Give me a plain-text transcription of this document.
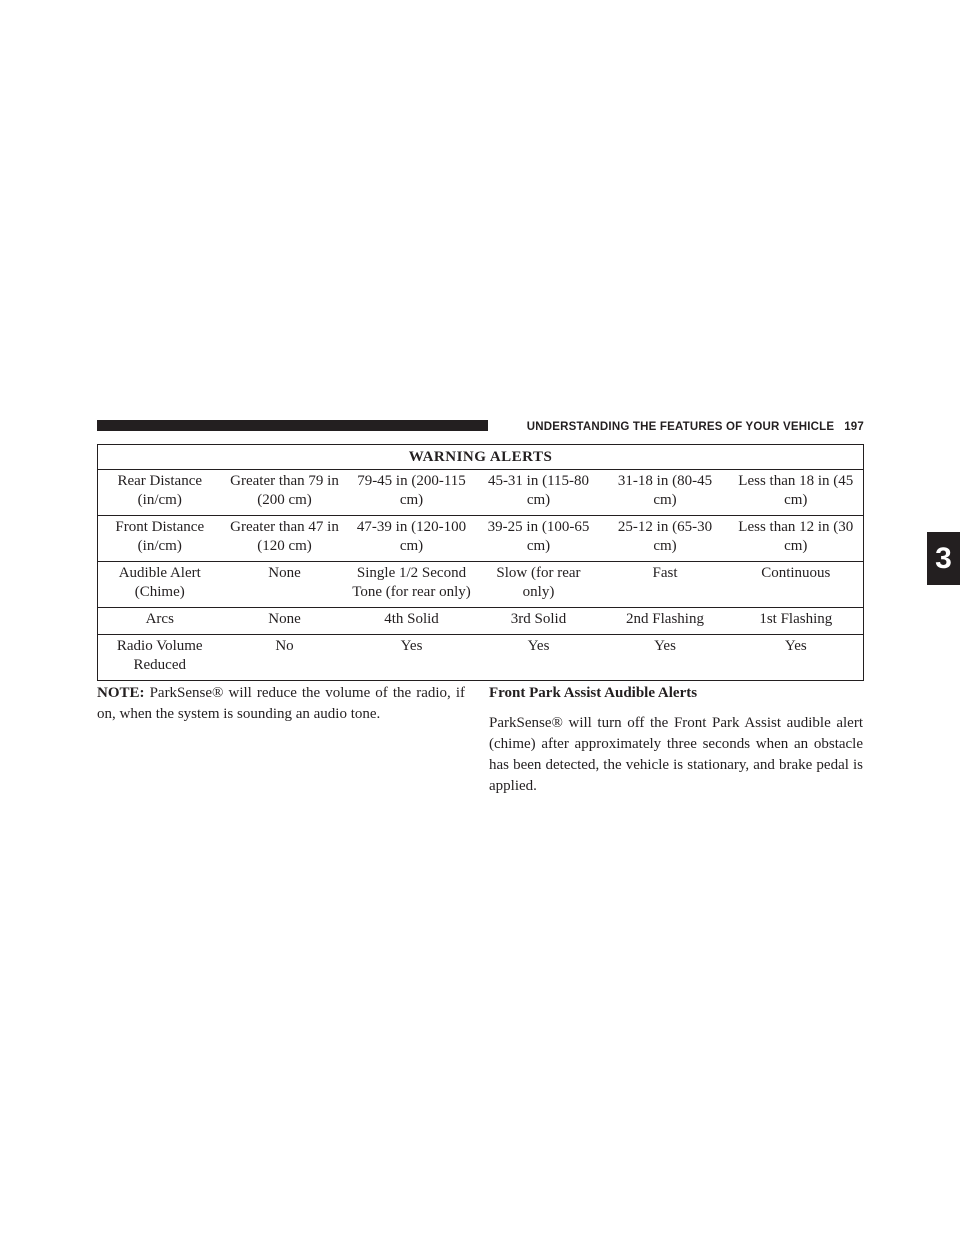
UNDERSTANDING THE FEATURES OF YOUR VEHICLE 197
3
WARNING ALERTS					
Rear Distance (in/cm)	Greater than 79 in (200 cm)	79-45 in (200-115 cm)	45-31 in (115-80 cm)	31-18 in (80-45 cm)	Less than 18 in (45 cm)
Front Distance (in/cm)	Greater than 47 in (120 cm)	47-39 in (120-100 cm)	39-25 in (100-65 cm)	25-12 in (65-30 cm)	Less than 12 in (30 cm)
Audible Alert (Chime)	None	Single 1/2 Second Tone (for rear only)	Slow (for rear only)	Fast	Continuous
Arcs	None	4th Solid	3rd Solid	2nd Flashing	1st Flashing
Radio Volume Reduced	No	Yes	Yes	Yes	Yes
NOTE: ParkSense® will reduce the volume of the radio, if on, when the system is sounding an audio tone.
Front Park Assist Audible Alerts

ParkSense® will turn off the Front Park Assist audible alert (chime) after approximately three seconds when an obstacle has been detected, the vehicle is stationary, and brake pedal is applied.
